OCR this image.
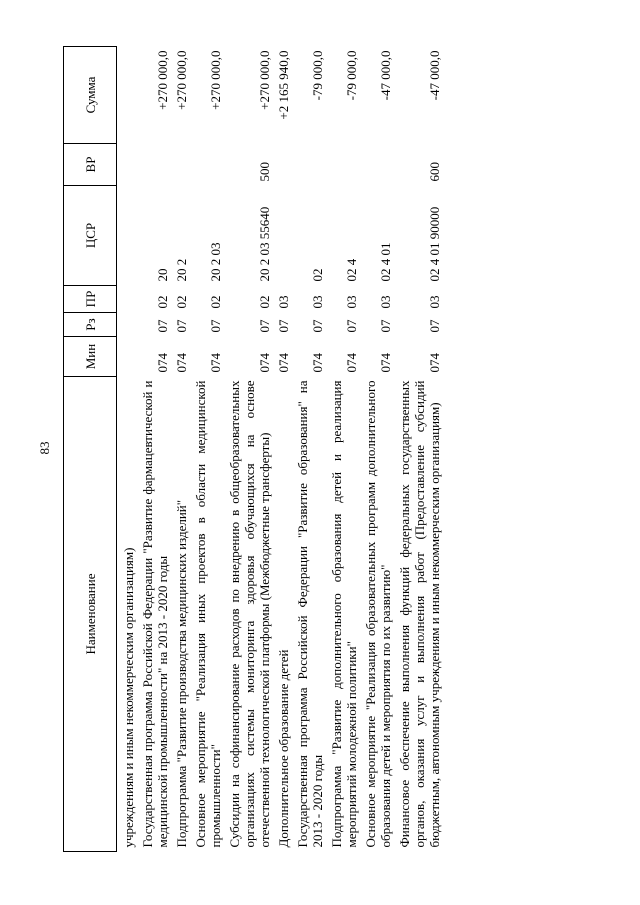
83
Наименование	Мин	Рз	ПР	ЦСР	ВР	Сумма
учреждениям и иным некоммерческим организациям)						
Государственная программа Российской Федерации "Развитие фармацевтической и медицинской промышленности" на 2013 - 2020 годы	074	07	02	20		+270 000,0
Подпрограмма "Развитие производства медицинских изделий"	074	07	02	20 2		+270 000,0
Основное мероприятие "Реализация иных проектов в области медицинской промышленности"	074	07	02	20 2 03		+270 000,0
Субсидии на софинансирование расходов по внедрению в общеобразовательных организациях системы мониторинга здоровья обучающихся на основе отечественной технологической платформы (Межбюджетные трансферты)	074	07	02	20 2 03 55640	500	+270 000,0
Дополнительное образование детей	074	07	03			+2 165 940,0
Государственная программа Российской Федерации "Развитие образования" на 2013 - 2020 годы	074	07	03	02		-79 000,0
Подпрограмма "Развитие дополнительного образования детей и реализация мероприятий молодежной политики"	074	07	03	02 4		-79 000,0
Основное мероприятие "Реализация образовательных программ дополнительного образования детей и мероприятия по их развитию"	074	07	03	02 4 01		-47 000,0
Финансовое обеспечение выполнения функций федеральных государственных органов, оказания услуг и выполнения работ (Предоставление субсидий бюджетным, автономным учреждениям и иным некоммерческим организациям)	074	07	03	02 4 01 90000	600	-47 000,0
